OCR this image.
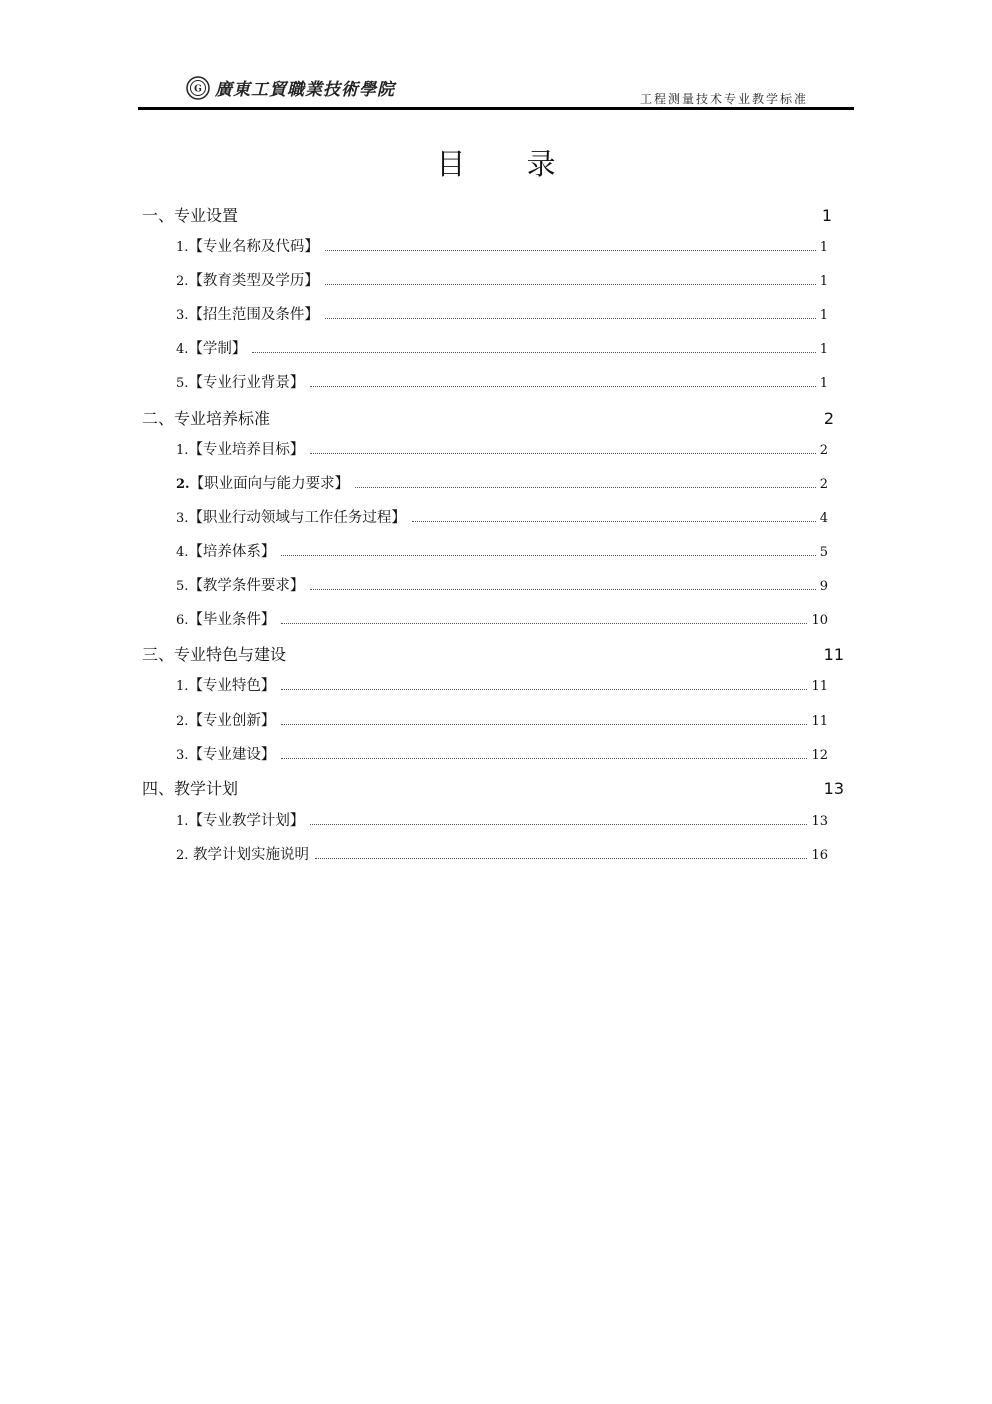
G 廣東工貿職業技術學院	工程测量技术专业教学标准
目 录
一、专业设置	1
1. 【专业名称及代码】	1
2. 【教育类型及学历】	1
3. 【招生范围及条件】	1
4. 【学制】	1
5. 【专业行业背景】	1
二、专业培养标准	2
1. 【专业培养目标】	2
2. 【职业面向与能力要求】	2
3. 【职业行动领域与工作任务过程】	4
4. 【培养体系】	5
5. 【教学条件要求】	9
6. 【毕业条件】	10
三、专业特色与建设	11
1. 【专业特色】	11
2. 【专业创新】	11
3. 【专业建设】	12
四、教学计划	13
1. 【专业教学计划】	13
2. 教学计划实施说明	16
